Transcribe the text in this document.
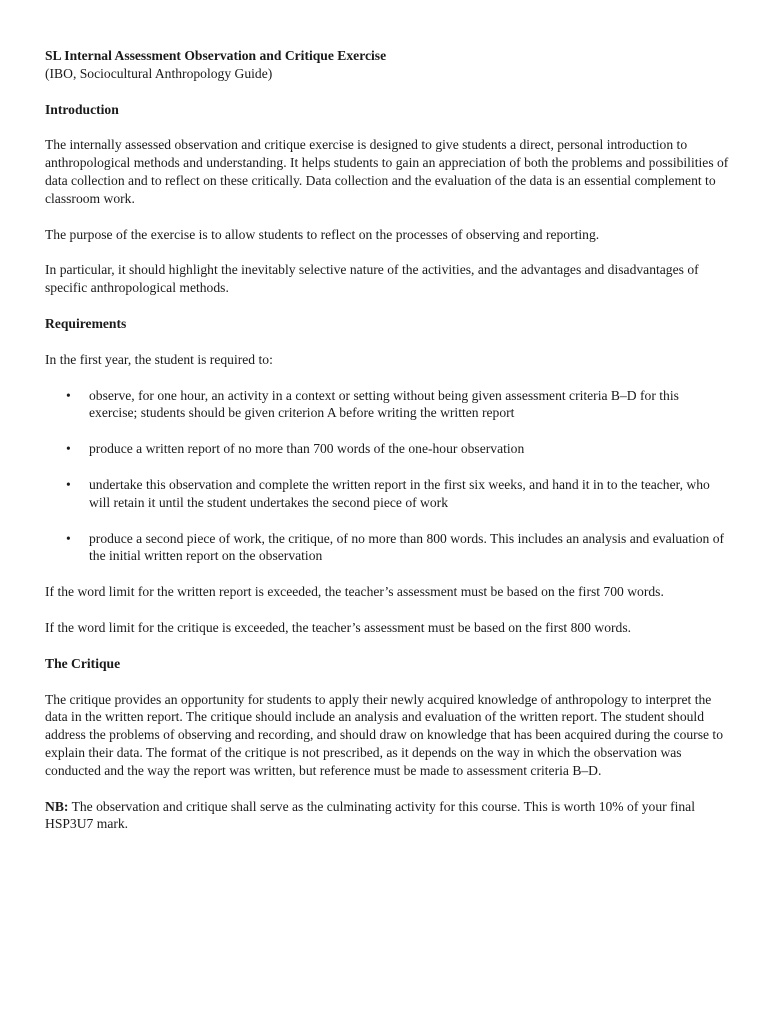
SL Internal Assessment Observation and Critique Exercise

(IBO, Sociocultural Anthropology Guide)

Introduction

The internally assessed observation and critique exercise is designed to give students a direct, personal introduction to anthropological methods and understanding. It helps students to gain an appreciation of both the problems and possibilities of data collection and to reflect on these critically. Data collection and the evaluation of the data is an essential complement to classroom work.

The purpose of the exercise is to allow students to reflect on the processes of observing and reporting.

In particular, it should highlight the inevitably selective nature of the activities, and the advantages and disadvantages of specific anthropological methods.

Requirements

In the first year, the student is required to:

• observe, for one hour, an activity in a context or setting without being given assessment criteria B–D for this exercise; students should be given criterion A before writing the written report
• produce a written report of no more than 700 words of the one-hour observation
• undertake this observation and complete the written report in the first six weeks, and hand it in to the teacher, who will retain it until the student undertakes the second piece of work
• produce a second piece of work, the critique, of no more than 800 words. This includes an analysis and evaluation of the initial written report on the observation

If the word limit for the written report is exceeded, the teacher’s assessment must be based on the first 700 words.

If the word limit for the critique is exceeded, the teacher’s assessment must be based on the first 800 words.

The Critique

The critique provides an opportunity for students to apply their newly acquired knowledge of anthropology to interpret the data in the written report. The critique should include an analysis and evaluation of the written report. The student should address the problems of observing and recording, and should draw on knowledge that has been acquired during the course to explain their data. The format of the critique is not prescribed, as it depends on the way in which the observation was conducted and the way the report was written, but reference must be made to assessment criteria B–D.

NB: The observation and critique shall serve as the culminating activity for this course. This is worth 10% of your final HSP3U7 mark.
